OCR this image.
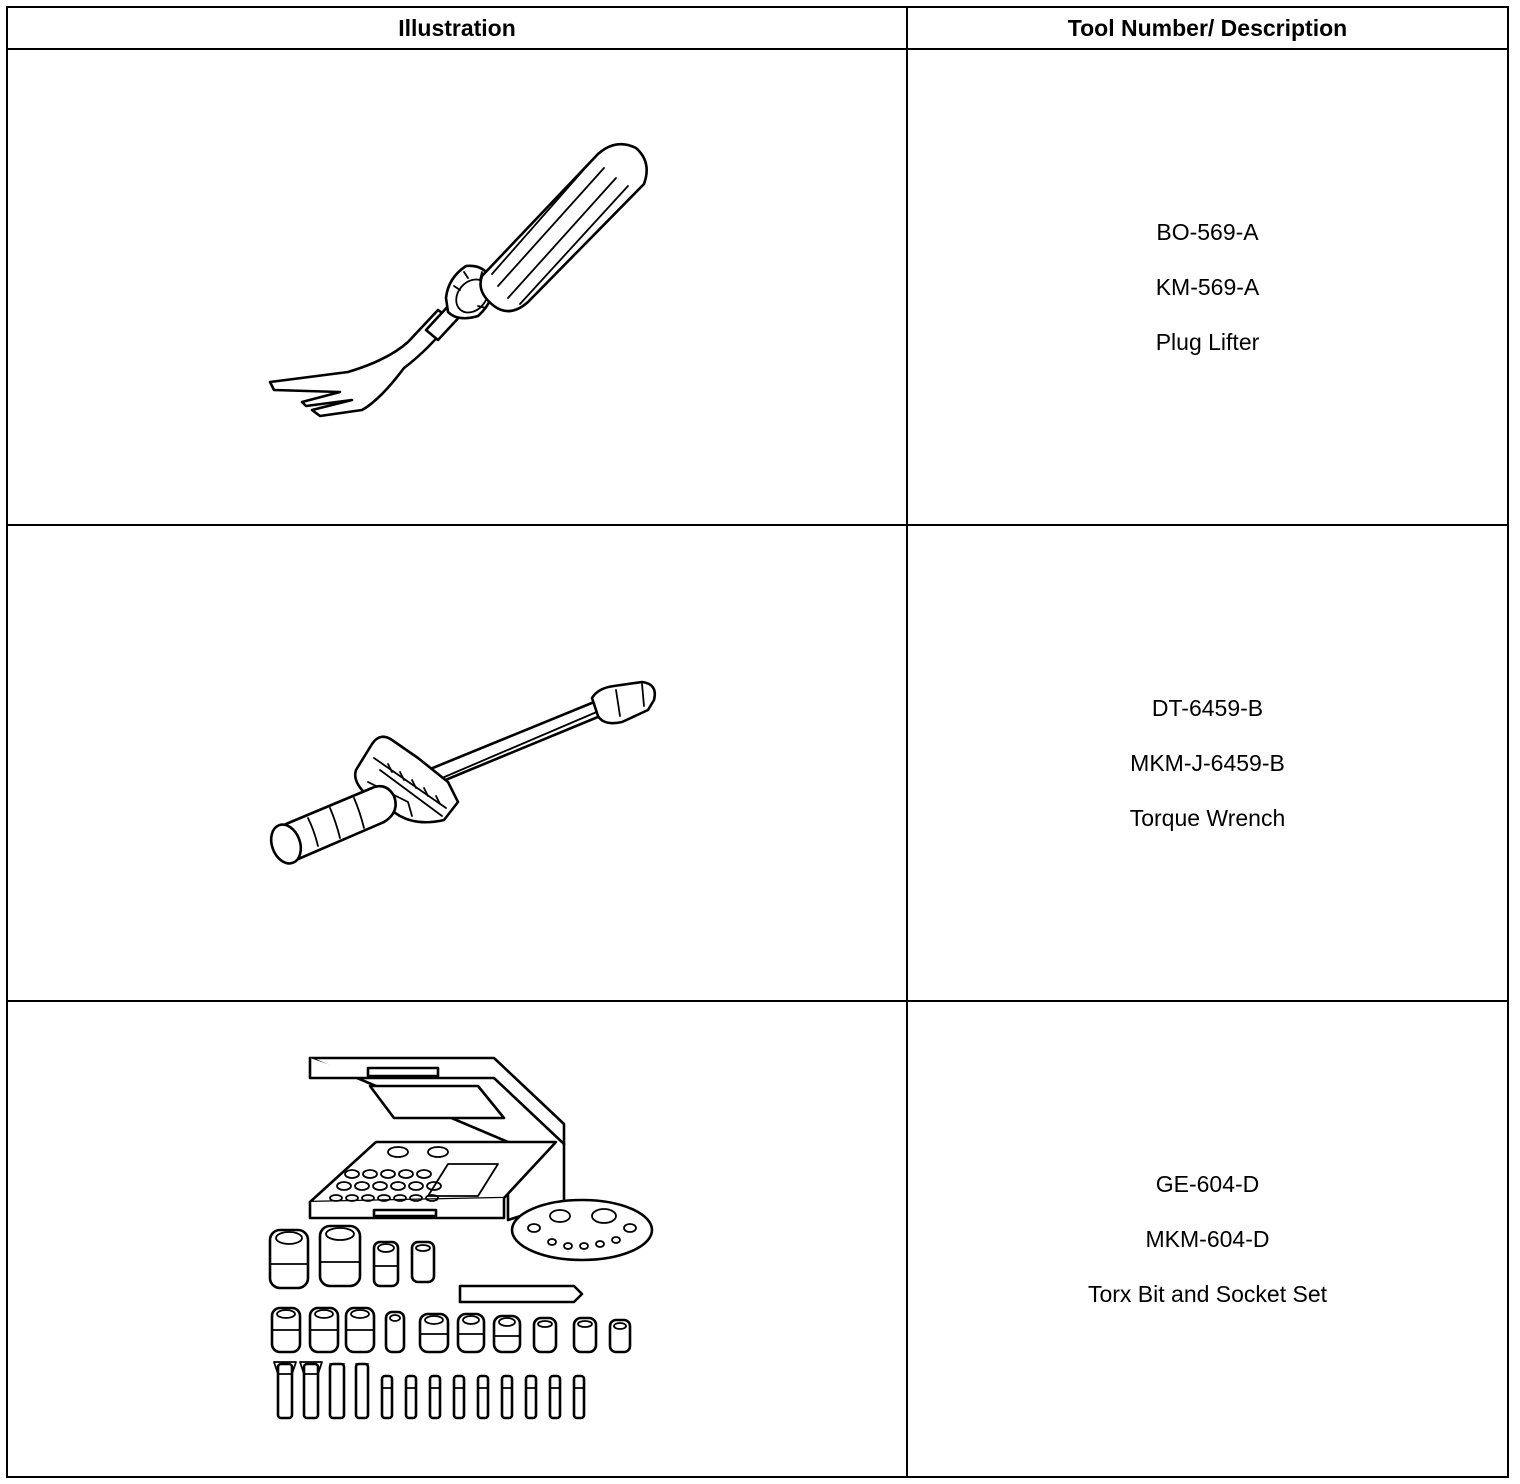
Illustration	Tool Number/ Description

BO-569-A
KM-569-A
Plug Lifter

DT-6459-B
MKM-J-6459-B
Torque Wrench

GE-604-D
MKM-604-D
Torx Bit and Socket Set
